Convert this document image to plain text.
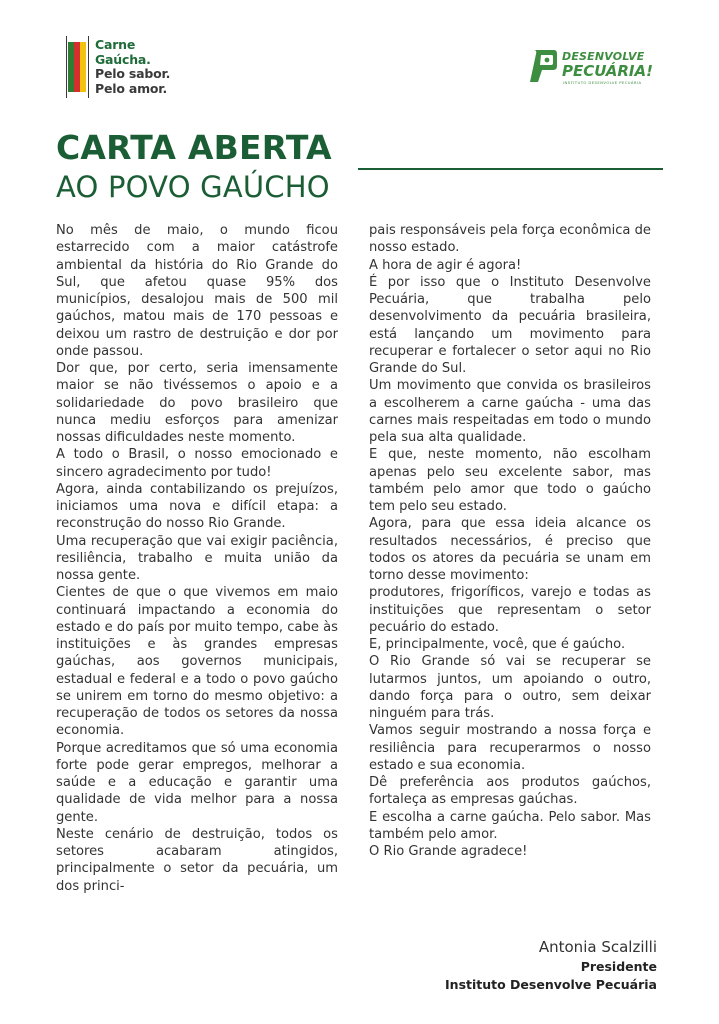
Carne
Gaúcha.
Pelo sabor.
Pelo amor.
DESENVOLVE
PECUÁRIA!
INSTITUTO DESENVOLVE PECUÁRIA
CARTA ABERTA
AO POVO GAÚCHO

No mês de maio, o mundo ficou estarrecido com a maior catástrofe ambiental da história do Rio Grande do Sul, que afetou quase 95% dos municípios, desalojou mais de 500 mil gaúchos, matou mais de 170 pessoas e deixou um rastro de destruição e dor por onde passou.

Dor que, por certo, seria imensamente maior se não tivéssemos o apoio e a solidariedade do povo brasileiro que nunca mediu esforços para amenizar nossas dificuldades neste momento.

A todo o Brasil, o nosso emocionado e sincero agradecimento por tudo!

Agora, ainda contabilizando os prejuízos, iniciamos uma nova e difícil etapa: a reconstrução do nosso Rio Grande.

Uma recuperação que vai exigir paciência, resiliência, trabalho e muita união da nossa gente.

Cientes de que o que vivemos em maio continuará impactando a economia do estado e do país por muito tempo, cabe às instituições e às grandes empresas gaúchas, aos governos municipais, estadual e federal e a todo o povo gaúcho se unirem em torno do mesmo objetivo: a recuperação de todos os setores da nossa economia.

Porque acreditamos que só uma economia forte pode gerar empregos, melhorar a saúde e a educação e garantir uma qualidade de vida melhor para a nossa gente.

Neste cenário de destruição, todos os setores acabaram atingidos, principalmente o setor da pecuária, um dos princi-

pais responsáveis pela força econômica de nosso estado.

A hora de agir é agora!

É por isso que o Instituto Desenvolve Pecuária, que trabalha pelo desenvolvimento da pecuária brasileira, está lançando um movimento para recuperar e fortalecer o setor aqui no Rio Grande do Sul.

Um movimento que convida os brasileiros a escolherem a carne gaúcha - uma das carnes mais respeitadas em todo o mundo pela sua alta qualidade.

E que, neste momento, não escolham apenas pelo seu excelente sabor, mas também pelo amor que todo o gaúcho tem pelo seu estado.

Agora, para que essa ideia alcance os resultados necessários, é preciso que todos os atores da pecuária se unam em torno desse movimento:

produtores, frigoríficos, varejo e todas as instituições que representam o setor pecuário do estado.

E, principalmente, você, que é gaúcho.

O Rio Grande só vai se recuperar se lutarmos juntos, um apoiando o outro, dando força para o outro, sem deixar ninguém para trás.

Vamos seguir mostrando a nossa força e resiliência para recuperarmos o nosso estado e sua economia.

Dê preferência aos produtos gaúchos, fortaleça as empresas gaúchas.

E escolha a carne gaúcha. Pelo sabor. Mas também pelo amor.

O Rio Grande agradece!

Antonia Scalzilli
Presidente
Instituto Desenvolve Pecuária
